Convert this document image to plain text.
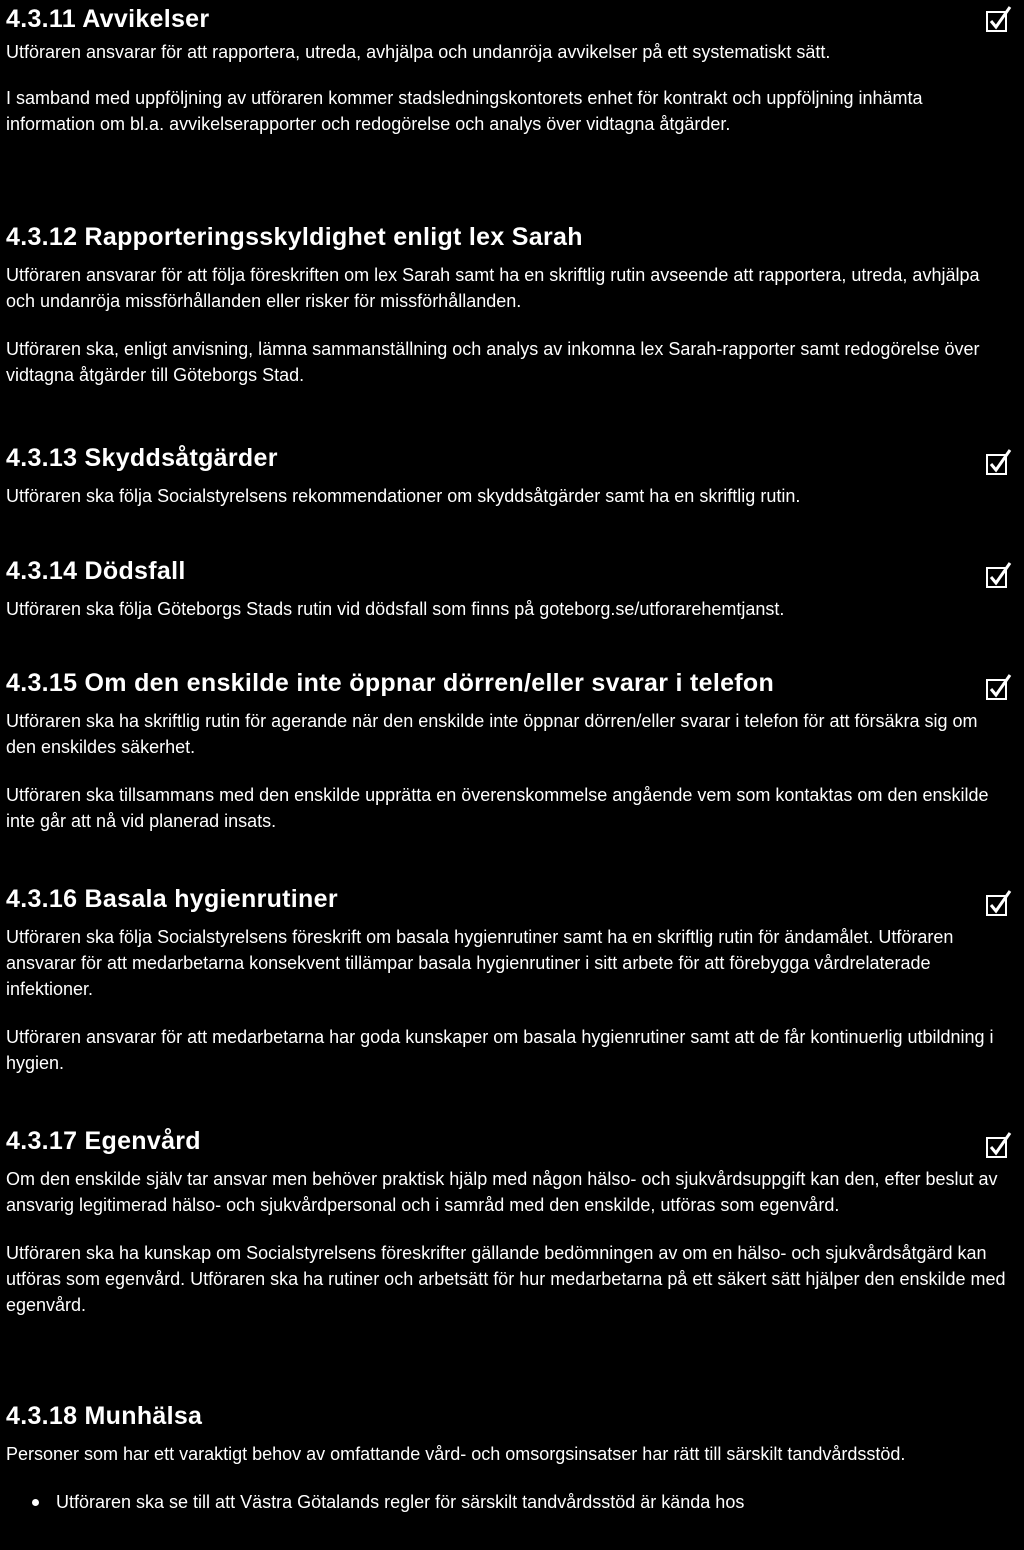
4.3.11 Avvikelser

Utföraren ansvarar för att rapportera, utreda, avhjälpa och undanröja avvikelser på ett systematiskt sätt.

I samband med uppföljning av utföraren kommer stadsledningskontorets enhet för kontrakt och uppföljning inhämta information om bl.a. avvikelserapporter och redogörelse och analys över vidtagna åtgärder.

4.3.12 Rapporteringsskyldighet enligt lex Sarah

Utföraren ansvarar för att följa föreskriften om lex Sarah samt ha en skriftlig rutin avseende att rapportera, utreda, avhjälpa och undanröja missförhållanden eller risker för missförhållanden.

Utföraren ska, enligt anvisning, lämna sammanställning och analys av inkomna lex Sarah-rapporter samt redogörelse över vidtagna åtgärder till Göteborgs Stad.

4.3.13 Skyddsåtgärder

Utföraren ska följa Socialstyrelsens rekommendationer om skyddsåtgärder samt ha en skriftlig rutin.

4.3.14 Dödsfall

Utföraren ska följa Göteborgs Stads rutin vid dödsfall som finns på goteborg.se/utforarehemtjanst.

4.3.15 Om den enskilde inte öppnar dörren/eller svarar i telefon

Utföraren ska ha skriftlig rutin för agerande när den enskilde inte öppnar dörren/eller svarar i telefon för att försäkra sig om den enskildes säkerhet.

Utföraren ska tillsammans med den enskilde upprätta en överenskommelse angående vem som kontaktas om den enskilde inte går att nå vid planerad insats.

4.3.16 Basala hygienrutiner

Utföraren ska följa Socialstyrelsens föreskrift om basala hygienrutiner samt ha en skriftlig rutin för ändamålet. Utföraren ansvarar för att medarbetarna konsekvent tillämpar basala hygienrutiner i sitt arbete för att förebygga vårdrelaterade infektioner.

Utföraren ansvarar för att medarbetarna har goda kunskaper om basala hygienrutiner samt att de får kontinuerlig utbildning i hygien.

4.3.17 Egenvård

Om den enskilde själv tar ansvar men behöver praktisk hjälp med någon hälso- och sjukvårdsuppgift kan den, efter beslut av ansvarig legitimerad hälso- och sjukvårdpersonal och i samråd med den enskilde, utföras som egenvård.

Utföraren ska ha kunskap om Socialstyrelsens föreskrifter gällande bedömningen av om en hälso- och sjukvårdsåtgärd kan utföras som egenvård. Utföraren ska ha rutiner och arbetsätt för hur medarbetarna på ett säkert sätt hjälper den enskilde med egenvård.

4.3.18 Munhälsa

Personer som har ett varaktigt behov av omfattande vård- och omsorgsinsatser har rätt till särskilt tandvårdsstöd.

Utföraren ska se till att Västra Götalands regler för särskilt tandvårdsstöd är kända hos
